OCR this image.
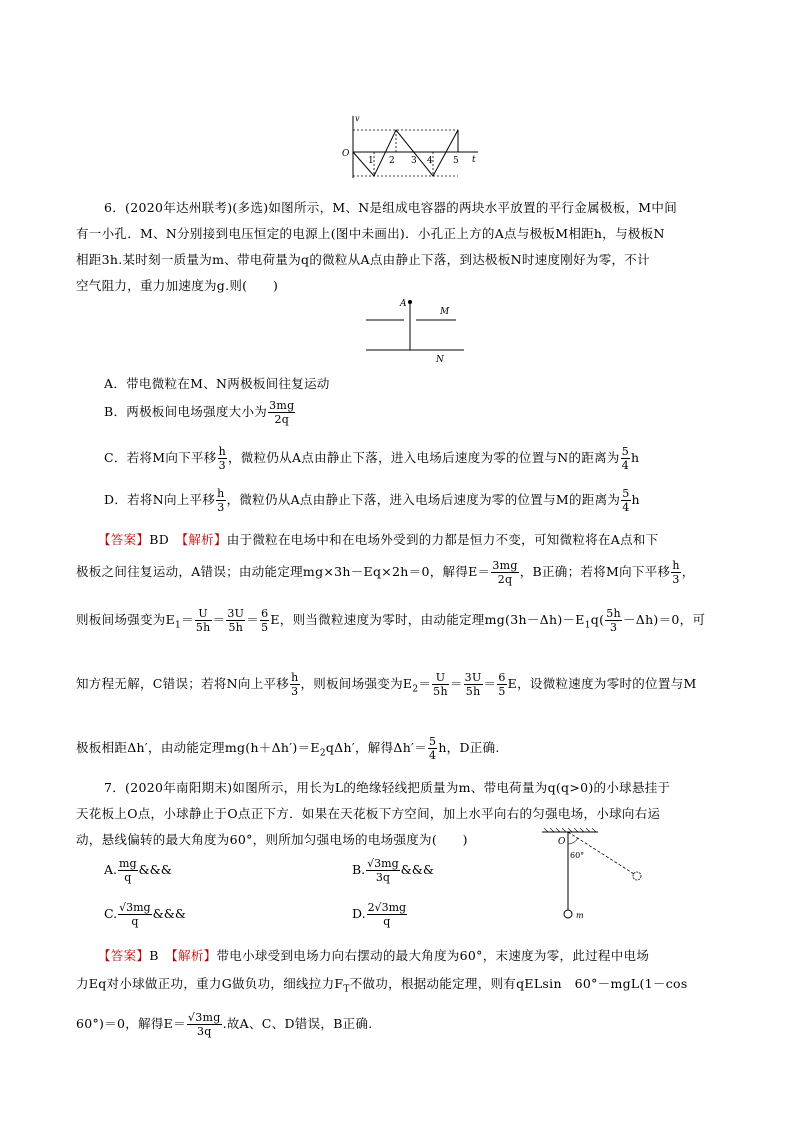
v
O
t
1 2 3 4 5
6．(2020年达州联考)(多选)如图所示，M、N是组成电容器的两块水平放置的平行金属极板，M中间
有一小孔．M、N分别接到电压恒定的电源上(图中未画出)．小孔正上方的A点与极板M相距h，与极板N
相距3h.某时刻一质量为m、带电荷量为q的微粒从A点由静止下落，到达极板N时速度刚好为零，不计
空气阻力，重力加速度为g.则(　　)
A
M
N
A．带电微粒在M、N两极板间往复运动
B．两极板间电场强度大小为 $\frac{3mg}{2q}$
C．若将M向下平移 $\frac{h}{3}$ ，微粒仍从A点由静止下落，进入电场后速度为零的位置与N的距离为 $\frac{5}{4}$ h
D．若将N向上平移 $\frac{h}{3}$ ，微粒仍从A点由静止下落，进入电场后速度为零的位置与M的距离为 $\frac{5}{4}$ h
【答案】BD　 【解析】由于微粒在电场中和在电场外受到的力都是恒力不变，可知微粒将在A点和下
极板之间往复运动，A错误；由动能定理mg×3h－Eq×2h＝0，解得$E= \frac{3mg}{2q}$ ，B正确；若将M向下平移 $\frac{h}{3}$ ，
则板间场强变为$E_1= \frac{U}{5h} = \frac{3U}{5h} = \frac{6}{5}$ E，则当微粒速度为零时，由动能定理$mg(3h-\Delta h)-E_1q( \frac{5h}{3} -\Delta h)=0$，可
知方程无解，C错误；若将N向上平移 $\frac{h}{3}$ ，则板间场强变为$E_2= \frac{U}{5h} = \frac{3U}{5h} = \frac{6}{5}$ E，设微粒速度为零时的位置与M
极板相距Δh′，由动能定理$mg(h+\Delta h')=E_2q\Delta h'$，解得$\Delta h'= \frac{5}{4}$ h，D正确.
7．(2020年南阳期末)如图所示，用长为L的绝缘轻线把质量为m、带电荷量为q(q>0)的小球悬挂于
天花板上O点，小球静止于O点正下方．如果在天花板下方空间，加上水平向右的匀强电场，小球向右运
动，悬线偏转的最大角度为60°，则所加匀强电场的电场强度为(　　)	O
60°
m
A. $\frac{mg}{q}$ &&&	B. $\frac{√3mg}{3q}$ &&&
C. $\frac{√3mg}{q}$ &&&	D. $\frac{2√3mg}{q}$
【答案】B　 【解析】带电小球受到电场力向右摆动的最大角度为60°，末速度为零，此过程中电场
力Eq对小球做正功，重力G做负功，细线拉力$F_T$不做功，根据动能定理，则有qELsin　60°－mgL(1－cos
60°)＝0，解得$E= \frac{√3mg}{3q}$ .故A、C、D错误，B正确.
